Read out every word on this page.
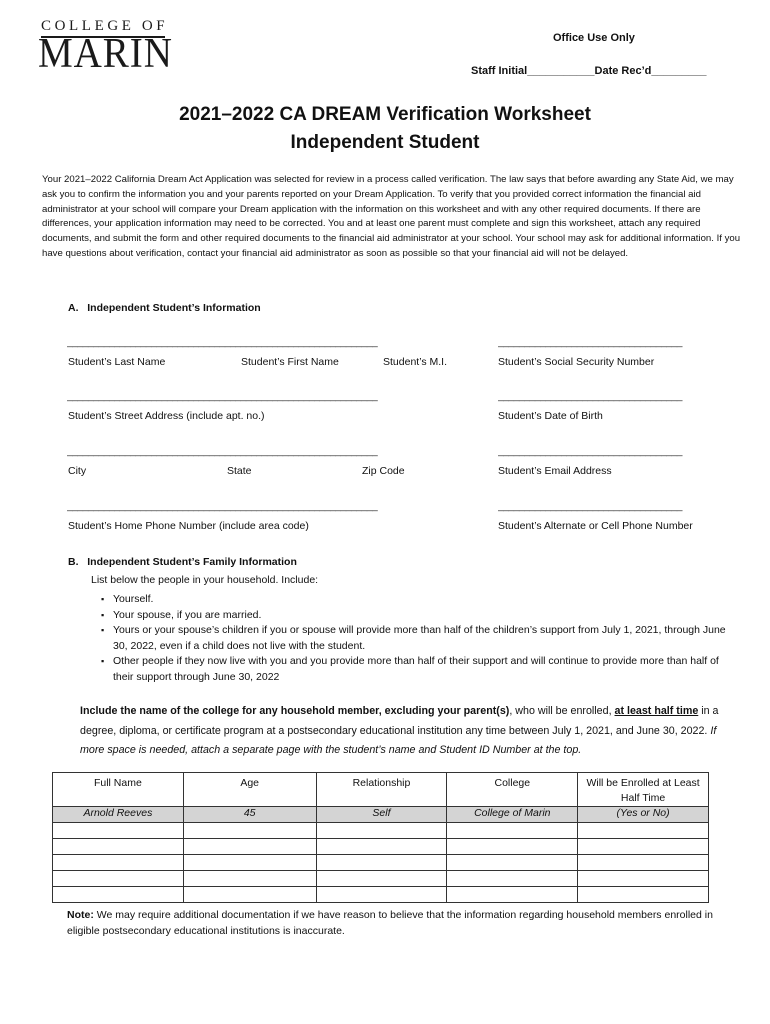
COLLEGE OF
MARIN	Office Use Only
Staff Initial___________Date Rec’d_________
2021–2022 CA DREAM Verification Worksheet
Independent Student
Your 2021–2022 California Dream Act Application was selected for review in a process called verification. The law says that before awarding any State Aid, we may ask you to confirm the information you and your parents reported on your Dream Application. To verify that you provided correct information the financial aid administrator at your school will compare your Dream application with the information on this worksheet and with any other required documents. If there are differences, your application information may need to be corrected. You and at least one parent must complete and sign this worksheet, attach any required documents, and submit the form and other required documents to the financial aid administrator at your school. Your school may ask for additional information. If you have questions about verification, contact your financial aid administrator as soon as possible so that your financial aid will not be delayed.
A.   Independent Student’s Information
___________________________________________________________	___________________________________
Student’s Last Name	Student’s First Name	Student’s M.I.	Student’s Social Security Number
___________________________________________________________	___________________________________
Student’s Street Address (include apt. no.)	Student’s Date of Birth
___________________________________________________________	___________________________________
City	State	Zip Code	Student’s Email Address
___________________________________________________________	___________________________________
Student’s Home Phone Number (include area code)	Student’s Alternate or Cell Phone Number
B.   Independent Student’s Family Information
List below the people in your household. Include:
▪ Yourself.
▪ Your spouse, if you are married.
▪ Yours or your spouse’s children if you or spouse will provide more than half of the children’s support from July 1, 2021, through June 30, 2022, even if a child does not live with the student.
▪ Other people if they now live with you and you provide more than half of their support and will continue to provide more than half of their support through June 30, 2022
Include the name of the college for any household member, excluding your parent(s), who will be enrolled, at least half time in a degree, diploma, or certificate program at a postsecondary educational institution any time between July 1, 2021, and June 30, 2022. If more space is needed, attach a separate page with the student’s name and Student ID Number at the top.
Full Name	Age	Relationship	College	Will be Enrolled at Least Half Time
Arnold Reeves	45	Self	College of Marin	(Yes or No)

Note: We may require additional documentation if we have reason to believe that the information regarding household members enrolled in eligible postsecondary educational institutions is inaccurate.
